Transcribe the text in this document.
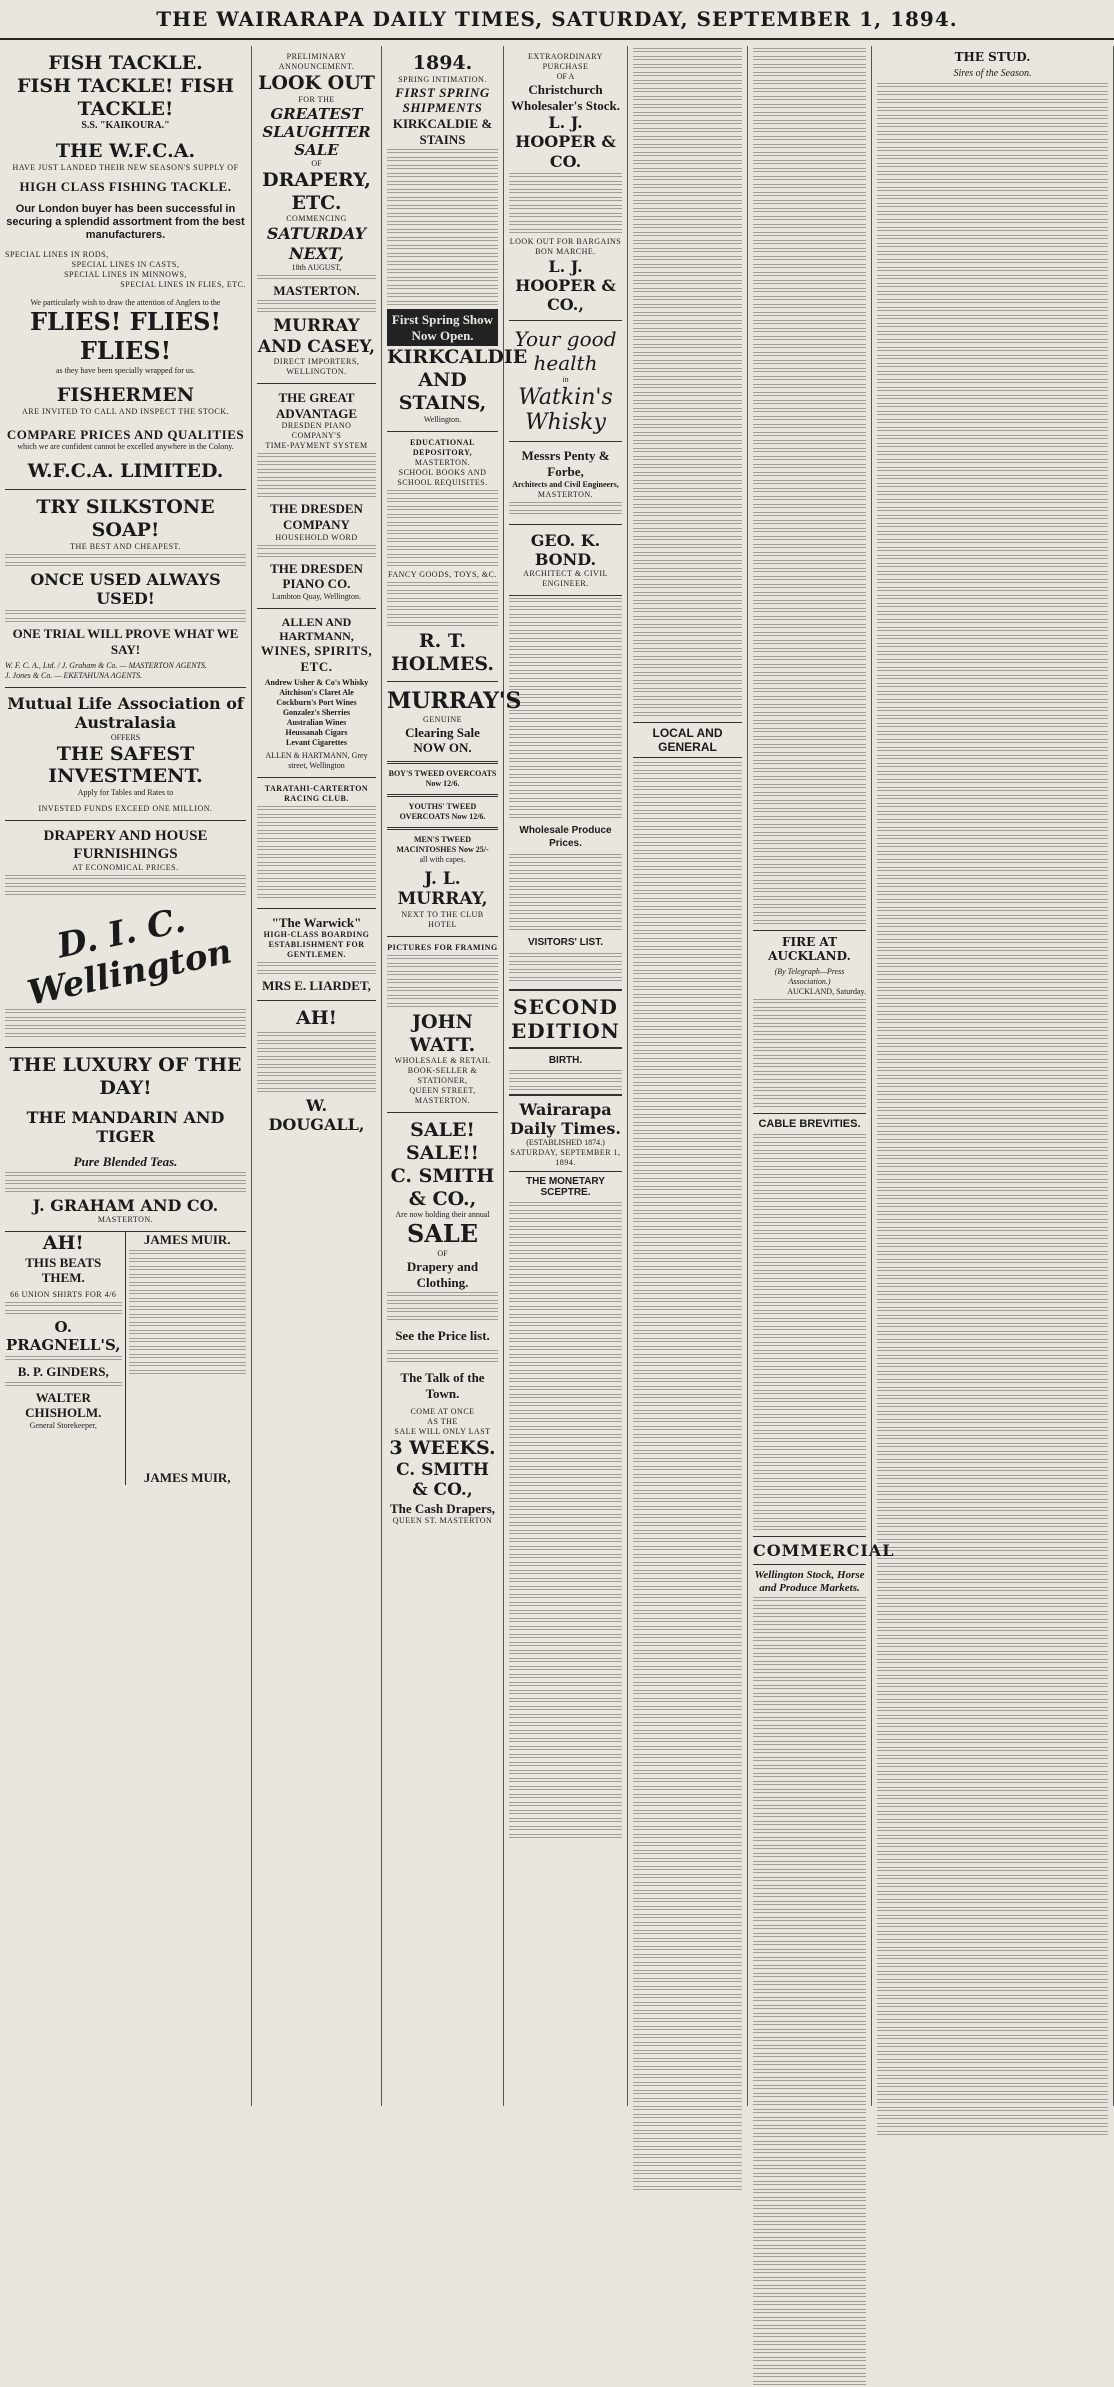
THE WAIRARAPA DAILY TIMES, SATURDAY, SEPTEMBER 1, 1894.
FISH TACKLE.
FISH TACKLE! FISH TACKLE!
S.S. "KAIKOURA."
THE W.F.C.A.
HAVE JUST LANDED THEIR NEW SEASON'S SUPPLY OF
HIGH CLASS FISHING TACKLE.
Our London buyer has been successful in securing a splendid assortment from the best manufacturers.
SPECIAL LINES IN RODS,
SPECIAL LINES IN CASTS,
SPECIAL LINES IN MINNOWS,
SPECIAL LINES IN FLIES, ETC.
We particularly wish to draw the attention of Anglers to the
FLIES! FLIES! FLIES!
as they have been specially wrapped for us.
FISHERMEN
ARE INVITED TO CALL AND INSPECT THE STOCK.
COMPARE PRICES AND QUALITIES
which we are confident cannot be excelled anywhere in the Colony.
W.F.C.A. LIMITED.
TRY SILKSTONE SOAP!
THE BEST AND CHEAPEST.
ONCE USED ALWAYS USED!
ONE TRIAL WILL PROVE WHAT WE SAY!
W. F. C. A., Ltd. / J. Graham & Co. — MASTERTON AGENTS.
J. Jones & Co. — EKETAHUNA AGENTS.
Mutual Life Association of Australasia
OFFERS
THE SAFEST INVESTMENT.
Apply for Tables and Rates to
INVESTED FUNDS EXCEED ONE MILLION.
DRAPERY AND HOUSE FURNISHINGS
AT ECONOMICAL PRICES.
D. I. C. Wellington
THE LUXURY OF THE DAY!
THE MANDARIN AND TIGER
Pure Blended Teas.
J. GRAHAM AND CO.
MASTERTON.
AH!
THIS BEATS THEM.
66 UNION SHIRTS FOR 4/6
O. PRAGNELL'S,
B. P. GINDERS,
WALTER CHISHOLM.
General Storekeeper,
JAMES MUIR.
JAMES MUIR,
PRELIMINARY ANNOUNCEMENT.
LOOK OUT
FOR THE
GREATEST SLAUGHTER SALE
OF
DRAPERY, ETC.
COMMENCING
SATURDAY NEXT,
18th AUGUST,
MASTERTON.
MURRAY AND CASEY,
DIRECT IMPORTERS,
WELLINGTON.
THE GREAT ADVANTAGE
DRESDEN PIANO COMPANY'S
TIME-PAYMENT SYSTEM
THE DRESDEN COMPANY
HOUSEHOLD WORD
THE DRESDEN PIANO CO.
Lambton Quay, Wellington.
ALLEN AND HARTMANN,
WINES, SPIRITS, ETC.
Andrew Usher & Co's Whisky
Aitchison's Claret Ale
Cockburn's Port Wines
Gonzalez's Sherries
Australian Wines
Heussanah Cigars
Levant Cigarettes
ALLEN & HARTMANN, Grey street, Wellington
TARATAHI-CARTERTON RACING CLUB.
"The Warwick"
HIGH-CLASS BOARDING ESTABLISHMENT FOR GENTLEMEN.
MRS E. LIARDET,
AH!
W. DOUGALL,
1894.
SPRING INTIMATION.
FIRST SPRING SHIPMENTS
KIRKCALDIE & STAINS
First Spring Show Now Open.
KIRKCALDIE AND STAINS,
Wellington.
EDUCATIONAL DEPOSITORY,
MASTERTON.
SCHOOL BOOKS AND SCHOOL REQUISITES.
FANCY GOODS, TOYS, &C.
R. T. HOLMES.
MURRAY'S
GENUINE
Clearing Sale
NOW ON.
BOY'S TWEED OVERCOATS Now 12/6.
YOUTHS' TWEED OVERCOATS Now 12/6.
MEN'S TWEED MACINTOSHES Now 25/-
all with capes.
J. L. MURRAY,
NEXT TO THE CLUB HOTEL
PICTURES FOR FRAMING
JOHN WATT.
WHOLESALE & RETAIL BOOK-SELLER & STATIONER,
QUEEN STREET, MASTERTON.
SALE! SALE!!
C. SMITH & CO.,
Are now holding their annual
SALE
OF
Drapery and Clothing.
See the Price list.
The Talk of the Town.
COME AT ONCE
AS THE
SALE WILL ONLY LAST
3 WEEKS.
C. SMITH & CO.,
The Cash Drapers,
QUEEN ST. MASTERTON
EXTRAORDINARY PURCHASE
OF A
Christchurch Wholesaler's Stock.
L. J. HOOPER & CO.
LOOK OUT FOR BARGAINS
BON MARCHE.
L. J. HOOPER & CO.,
Your good health
in
Watkin's Whisky
Messrs Penty & Forbe,
Architects and Civil Engineers,
MASTERTON.
GEO. K. BOND.
ARCHITECT & CIVIL ENGINEER.
Wholesale Produce Prices.
VISITORS' LIST.
SECOND EDITION
BIRTH.
Wairarapa Daily Times.
(ESTABLISHED 1874.)
SATURDAY, SEPTEMBER 1, 1894.
THE MONETARY SCEPTRE.
LOCAL AND GENERAL
FIRE AT AUCKLAND.
(By Telegraph—Press Association.)
AUCKLAND, Saturday.
CABLE BREVITIES.
COMMERCIAL
Wellington Stock, Horse and Produce Markets.
THE STUD.
Sires of the Season.
